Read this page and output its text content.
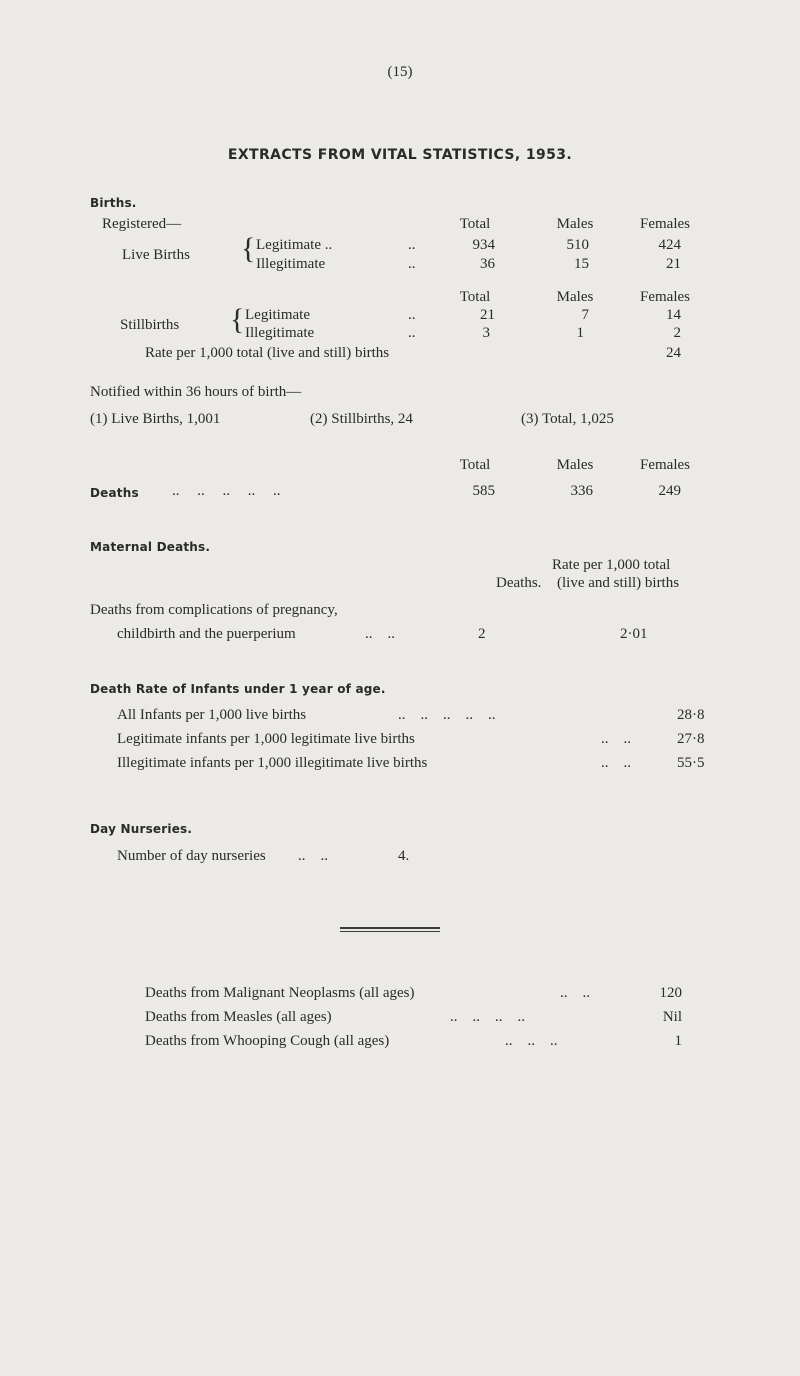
(15)
EXTRACTS FROM VITAL STATISTICS, 1953.
Births.
Registered—	Total	Males	Females
Live Births { Legitimate ..	..	934	510	424
Illegitimate	..	36	15	21
Total	Males	Females
Stillbirths { Legitimate	..	21	7	14
Illegitimate	..	3	1	2
Rate per 1,000 total (live and still) births	24
Notified within 36 hours of birth—
(1) Live Births, 1,001	(2) Stillbirths, 24	(3) Total, 1,025
Total	Males	Females
Deaths .. .. .. .. ..	585	336	249
Maternal Deaths.
Rate per 1,000 total
Deaths. (live and still) births
Deaths from complications of pregnancy,
childbirth and the puerperium	..    ..	2	2·01
Death Rate of Infants under 1 year of age.
All Infants per 1,000 live births	..    ..    ..    ..    ..	28·8
Legitimate infants per 1,000 legitimate live births	..    ..	27·8
Illegitimate infants per 1,000 illegitimate live births	..    ..	55·5
Day Nurseries.
Number of day nurseries ..    ..	4.
Deaths from Malignant Neoplasms (all ages)	..    ..	120
Deaths from Measles (all ages)	..    ..    ..    ..	Nil
Deaths from Whooping Cough (all ages)	..    ..    ..	1
